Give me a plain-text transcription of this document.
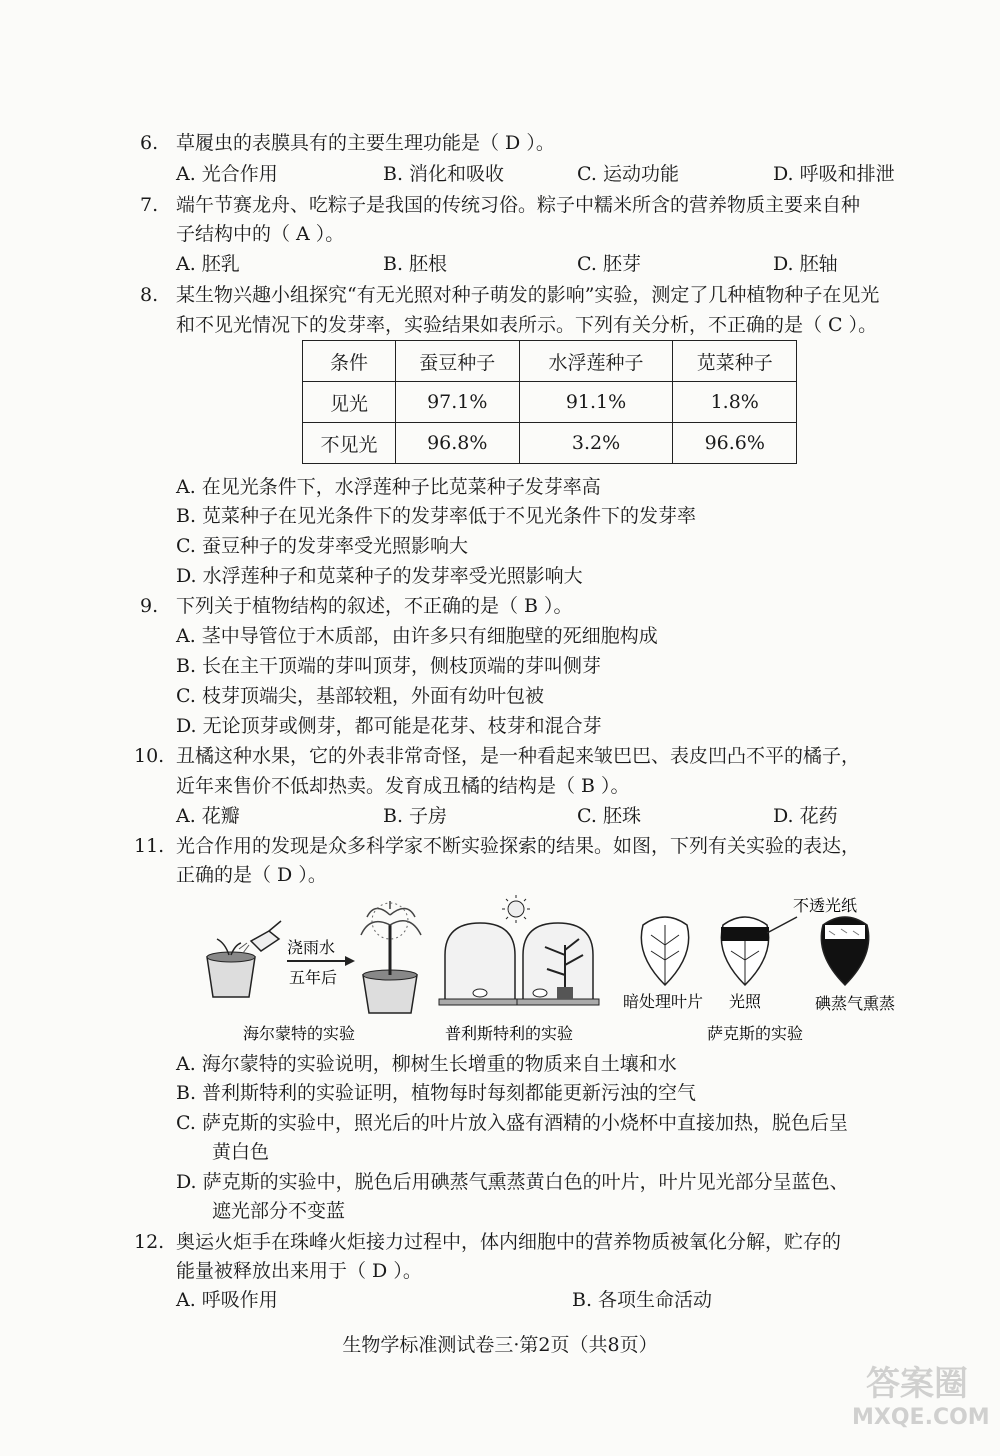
6. 草履虫的表膜具有的主要生理功能是（ D ）。
A. 光合作用	B. 消化和吸收	C. 运动功能	D. 呼吸和排泄
7. 端午节赛龙舟、吃粽子是我国的传统习俗。粽子中糯米所含的营养物质主要来自种
子结构中的（ A ）。
A. 胚乳	B. 胚根	C. 胚芽	D. 胚轴
8. 某生物兴趣小组探究“有无光照对种子萌发的影响”实验，测定了几种植物种子在见光
和不见光情况下的发芽率，实验结果如表所示。下列有关分析，不正确的是（ C ）。
条件	蚕豆种子	水浮莲种子	苋菜种子
见光	97.1%	91.1%	1.8%
不见光	96.8%	3.2%	96.6%
A. 在见光条件下，水浮莲种子比苋菜种子发芽率高
B. 苋菜种子在见光条件下的发芽率低于不见光条件下的发芽率
C. 蚕豆种子的发芽率受光照影响大
D. 水浮莲种子和苋菜种子的发芽率受光照影响大
9. 下列关于植物结构的叙述，不正确的是（ B ）。
A. 茎中导管位于木质部，由许多只有细胞壁的死细胞构成
B. 长在主干顶端的芽叫顶芽，侧枝顶端的芽叫侧芽
C. 枝芽顶端尖，基部较粗，外面有幼叶包被
D. 无论顶芽或侧芽，都可能是花芽、枝芽和混合芽
10. 丑橘这种水果，它的外表非常奇怪，是一种看起来皱巴巴、表皮凹凸不平的橘子，
近年来售价不低却热卖。发育成丑橘的结构是（ B ）。
A. 花瓣	B. 子房	C. 胚珠	D. 花药
11. 光合作用的发现是众多科学家不断实验探索的结果。如图，下列有关实验的表达，
正确的是（ D ）。
浇雨水
五年后
不透光纸
暗处理叶片 光照	碘蒸气熏蒸
海尔蒙特的实验	普利斯特利的实验	萨克斯的实验
A. 海尔蒙特的实验说明，柳树生长增重的物质来自土壤和水
B. 普利斯特利的实验证明，植物每时每刻都能更新污浊的空气
C. 萨克斯的实验中，照光后的叶片放入盛有酒精的小烧杯中直接加热，脱色后呈
黄白色
D. 萨克斯的实验中，脱色后用碘蒸气熏蒸黄白色的叶片，叶片见光部分呈蓝色、
遮光部分不变蓝
12. 奥运火炬手在珠峰火炬接力过程中，体内细胞中的营养物质被氧化分解，贮存的
能量被释放出来用于（ D ）。
A. 呼吸作用	B. 各项生命活动
生物学标准测试卷三·第2页（共8页）
答案圈
MXQE.COM
